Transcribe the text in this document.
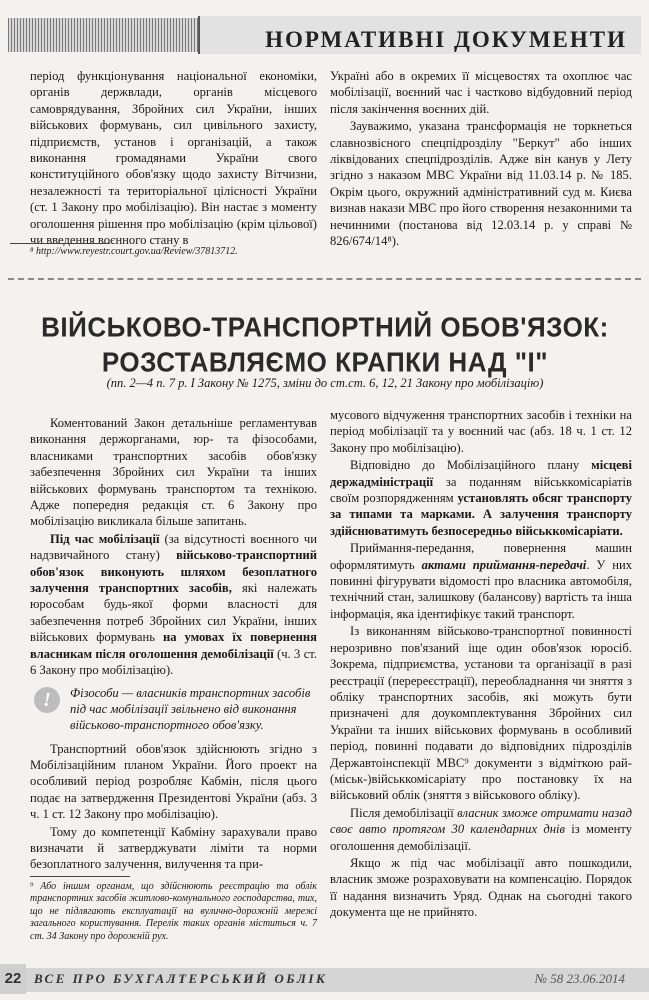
НОРМАТИВНІ ДОКУМЕНТИ

період функціонування національної економіки, органів держвлади, органів місцевого самоврядування, Збройних сил України, інших військових формувань, сил цивільного захисту, підприємств, установ і організацій, а також виконання громадянами України свого конституційного обов'язку щодо захисту Вітчизни, незалежності та територіальної цілісності України (ст. 1 Закону про мобілізацію). Він настає з моменту оголошення рішення про мобілізацію (крім цільової) чи введення воєнного стану в

Україні або в окремих її місцевостях та охоплює час мобілізації, воєнний час і частково відбудовний період після закінчення воєнних дій.

Зауважимо, указана трансформація не торкнеться славнозвісного спецпідрозділу "Беркут" або інших ліквідованих спецпідрозділів. Адже він канув у Лету згідно з наказом МВС України від 11.03.14 р. № 185. Окрім цього, окружний адміністративний суд м. Києва визнав накази МВС про його створення незаконними та нечинними (постанова від 12.03.14 р. у справі № 826/674/14⁸).

⁸ http://www.reyestr.court.gov.ua/Review/37813712.
ВІЙСЬКОВО-ТРАНСПОРТНИЙ ОБОВ'ЯЗОК:
РОЗСТАВЛЯЄМО КРАПКИ НАД "І"
(пп. 2—4 п. 7 р. І Закону № 1275, зміни до ст.ст. 6, 12, 21 Закону про мобілізацію)

Коментований Закон детальніше регламентував виконання держорганами, юр- та фізособами, власниками транспортних засобів обов'язку забезпечення Збройних сил України та інших військових формувань транспортом та технікою. Адже попередня редакція ст. 6 Закону про мобілізацію викликала більше запитань.

Під час мобілізації (за відсутності воєнного чи надзвичайного стану) військово-транспортний обов'язок виконують шляхом безоплатного залучення транспортних засобів, які належать юрособам будь-якої форми власності для забезпечення потреб Збройних сил України, інших військових формувань на умовах їх повернення власникам після оголошення демобілізації (ч. 3 ст. 6 Закону про мобілізацію).

!	Фізособи — власників транспортних засобів під час мобілізації звільнено від виконання військово-транспортного обов'язку.

Транспортний обов'язок здійснюють згідно з Мобілізаційним планом України. Його проект на особливий період розробляє Кабмін, після цього подає на затвердження Президентові України (абз. 3 ч. 1 ст. 12 Закону про мобілізацію).

Тому до компетенції Кабміну зарахували право визначати й затверджувати ліміти та норми безоплатного залучення, вилучення та при-

⁹ Або іншим органам, що здійснюють реєстрацію та облік транспортних засобів житлово-комунального господарства, тих, що не підлягають експлуатації на вулично-дорожній мережі загального користування. Перелік таких органів міститься ч. 7 ст. 34 Закону про дорожній рух.

мусового відчуження транспортних засобів і техніки на період мобілізації та у воєнний час (абз. 18 ч. 1 ст. 12 Закону про мобілізацію).

Відповідно до Мобілізаційного плану місцеві держадміністрації за поданням військкомісаріатів своїм розпорядженням установлять обсяг транспорту за типами та марками. А залучення транспорту здійснюватимуть безпосередньо військкомісаріати.

Приймання-передання, повернення машин оформлятимуть актами приймання-передачі. У них повинні фігурувати відомості про власника автомобіля, технічний стан, залишкову (балансову) вартість та інша інформація, яка ідентифікує такий транспорт.

Із виконанням військово-транспортної повинності нерозривно пов'язаний іще один обов'язок юросіб. Зокрема, підприємства, установи та організації в разі реєстрації (перереєстрації), переобладнання чи зняття з обліку транспортних засобів, які можуть бути призначені для доукомплектування Збройних сил України та інших військових формувань в особливий період, повинні подавати до відповідних підрозділів Державтоінспекції МВС⁹ документи з відміткою рай-(міськ-)військкомісаріату про постановку їх на військовий облік (зняття з військового обліку).

Після демобілізації власник зможе отримати назад своє авто протягом 30 календарних днів із моменту оголошення демобілізації.

Якщо ж під час мобілізації авто пошкодили, власник зможе розраховувати на компенсацію. Порядок її надання визначить Уряд. Однак на сьогодні такого документа ще не прийнято.

22 ВСЕ ПРО БУХГАЛТЕРСЬКИЙ ОБЛІК	№ 58 23.06.2014
